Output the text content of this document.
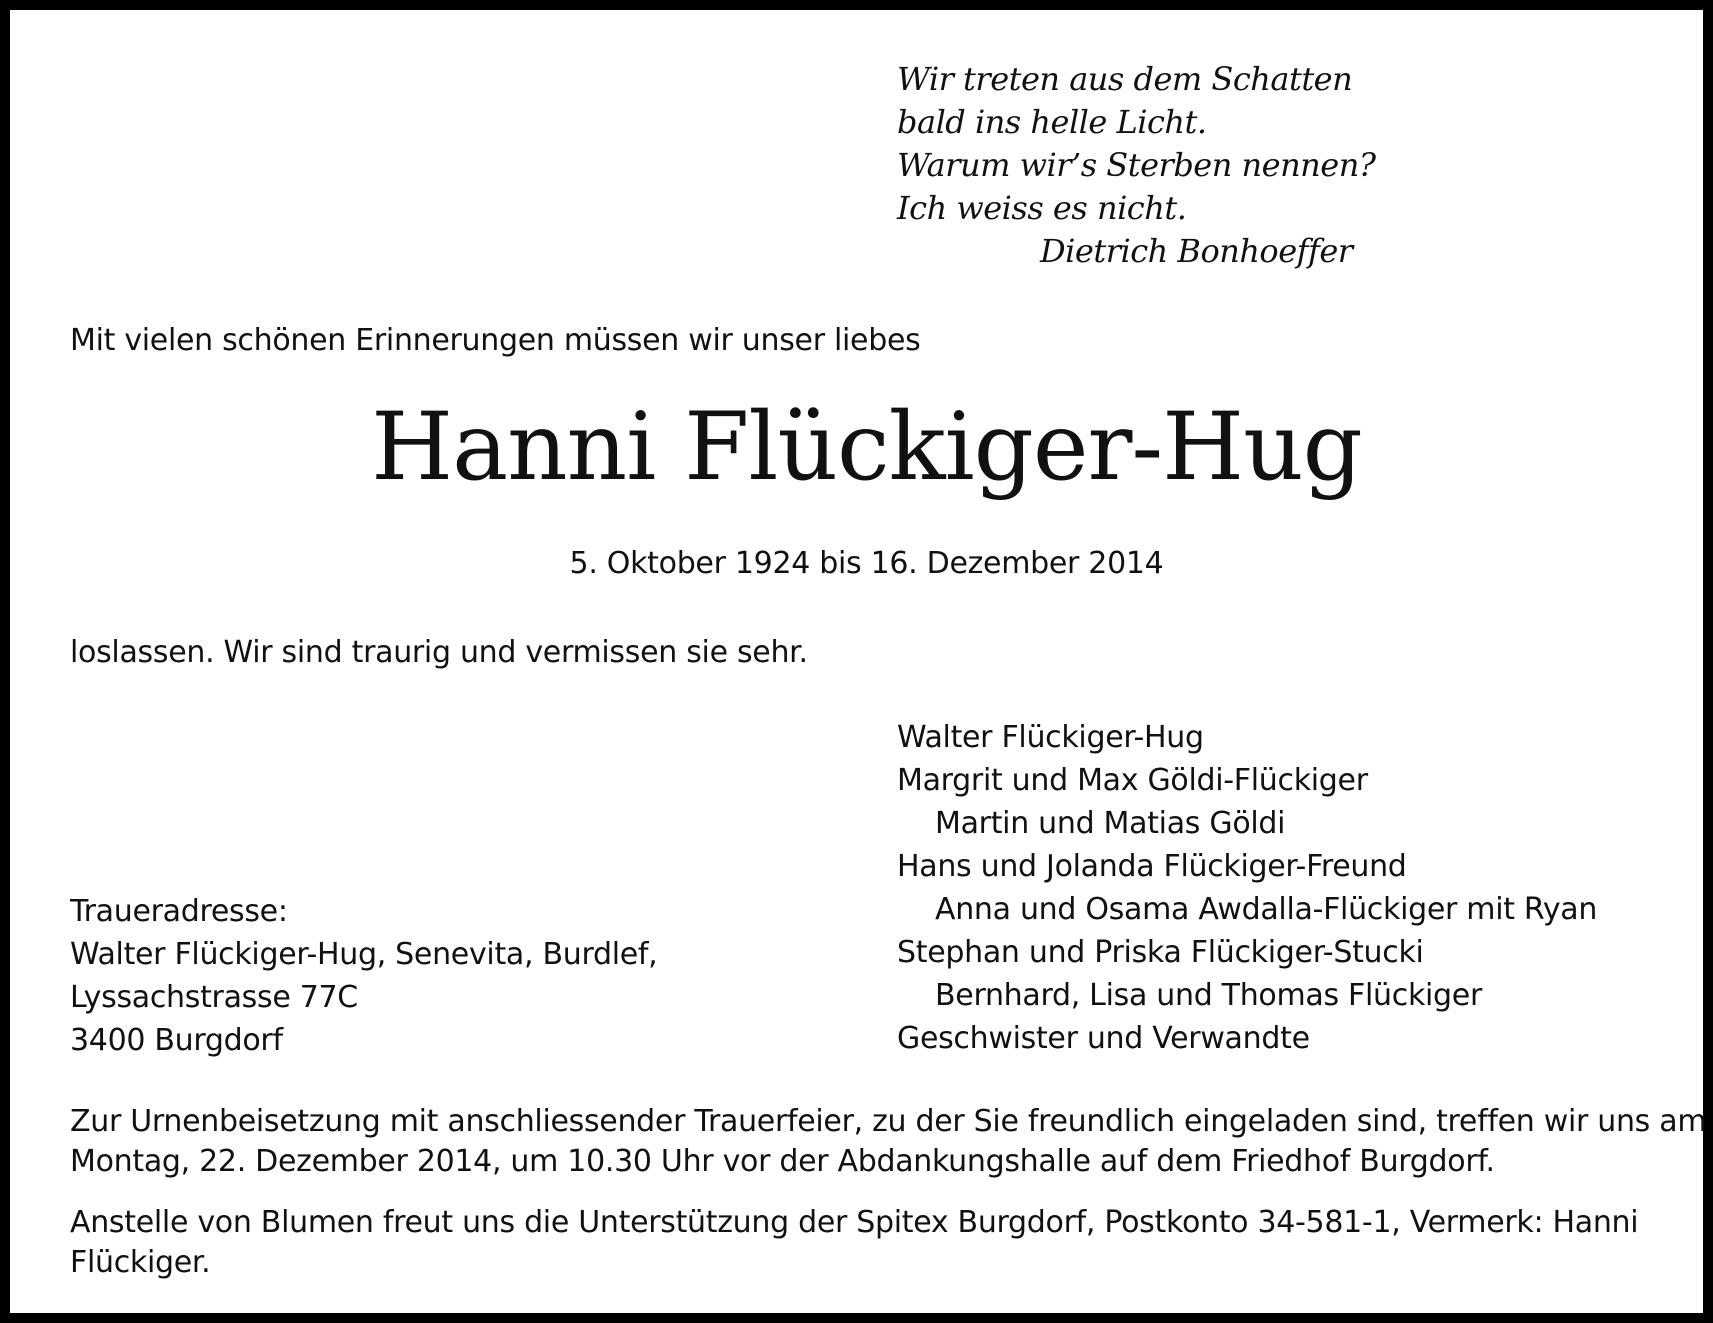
Wir treten aus dem Schatten
bald ins helle Licht.
Warum wir’s Sterben nennen?
Ich weiss es nicht.
Dietrich Bonhoeffer
Mit vielen schönen Erinnerungen müssen wir unser liebes
Hanni Flückiger-Hug
5. Oktober 1924 bis 16. Dezember 2014
loslassen. Wir sind traurig und vermissen sie sehr.
Walter Flückiger-Hug
Margrit und Max Göldi-Flückiger
Martin und Matias Göldi
Hans und Jolanda Flückiger-Freund
Anna und Osama Awdalla-Flückiger mit Ryan
Stephan und Priska Flückiger-Stucki
Bernhard, Lisa und Thomas Flückiger
Geschwister und Verwandte
Traueradresse:
Walter Flückiger-Hug, Senevita, Burdlef,
Lyssachstrasse 77C
3400 Burgdorf
Zur Urnenbeisetzung mit anschliessender Trauerfeier, zu der Sie freundlich eingeladen sind, treffen wir uns am
Montag, 22. Dezember 2014, um 10.30 Uhr vor der Abdankungshalle auf dem Friedhof Burgdorf.
Anstelle von Blumen freut uns die Unterstützung der Spitex Burgdorf, Postkonto 34-581-1, Vermerk: Hanni
Flückiger.
